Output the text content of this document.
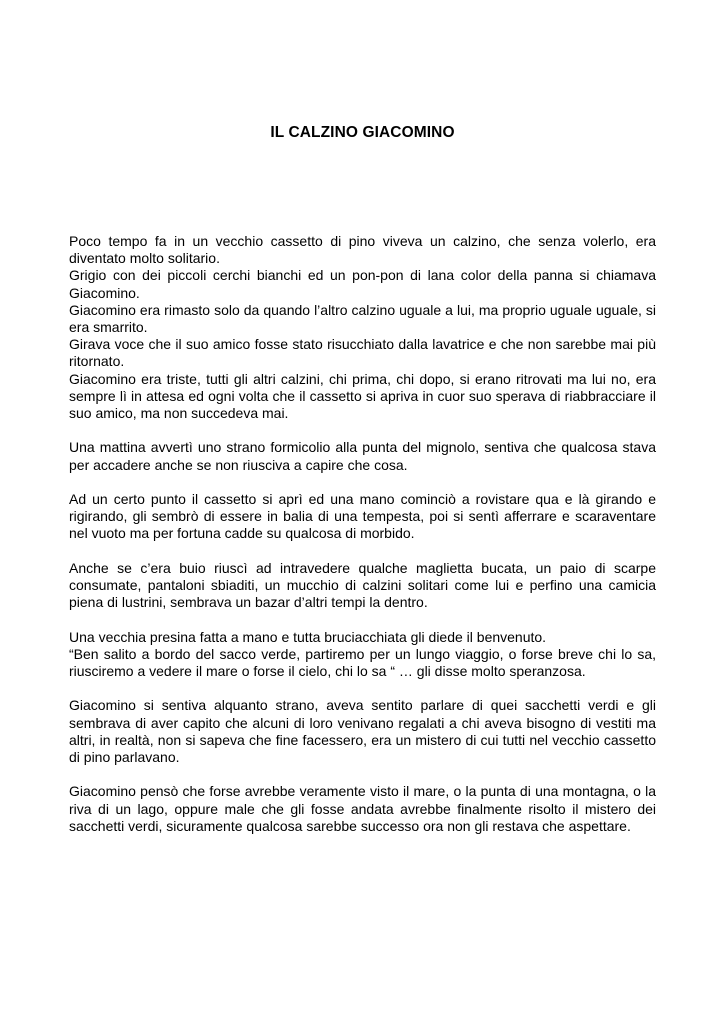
IL CALZINO GIACOMINO
Poco tempo fa in un vecchio cassetto di pino viveva un calzino, che senza volerlo, era diventato molto solitario.
Grigio con dei piccoli cerchi bianchi ed un pon-pon di lana color della panna si chiamava Giacomino.
Giacomino era rimasto solo da quando l’altro calzino uguale a lui, ma proprio uguale uguale, si era smarrito.
Girava voce che il suo amico fosse stato risucchiato dalla lavatrice e che non sarebbe mai più ritornato.
Giacomino era triste, tutti gli altri calzini, chi prima, chi dopo, si erano ritrovati ma lui no, era sempre lì in attesa ed ogni volta che il cassetto si apriva in cuor suo sperava di riabbracciare il suo amico, ma non succedeva mai.
Una mattina avvertì uno strano formicolio alla punta del mignolo, sentiva che qualcosa stava per accadere anche se non riusciva a capire che cosa.
Ad un certo punto il cassetto si aprì ed una mano cominciò a rovistare qua e là girando e rigirando, gli sembrò di essere in balia di una tempesta, poi si sentì afferrare e scaraventare nel vuoto ma per fortuna cadde su qualcosa di morbido.
Anche se c’era buio riuscì ad intravedere qualche maglietta bucata, un paio di scarpe consumate, pantaloni sbiaditi, un mucchio di calzini solitari come lui e perfino una camicia piena di lustrini, sembrava un bazar d’altri tempi la dentro.
Una vecchia presina fatta a mano e tutta bruciacchiata gli diede il benvenuto.
“Ben salito a bordo del sacco verde, partiremo per un lungo viaggio, o forse breve chi lo sa, riusciremo a vedere il mare o forse il cielo, chi lo sa “ … gli disse molto speranzosa.
Giacomino si sentiva alquanto strano, aveva sentito parlare di quei sacchetti verdi e gli sembrava di aver capito che alcuni di loro venivano regalati a chi aveva bisogno di vestiti ma altri, in realtà, non si sapeva che fine facessero, era un mistero di cui tutti nel vecchio cassetto di pino parlavano.
Giacomino pensò che forse avrebbe veramente visto il mare, o la punta di una montagna, o la riva di un lago, oppure male che gli fosse andata avrebbe finalmente risolto il mistero dei sacchetti verdi, sicuramente qualcosa sarebbe successo ora non gli restava che aspettare.
